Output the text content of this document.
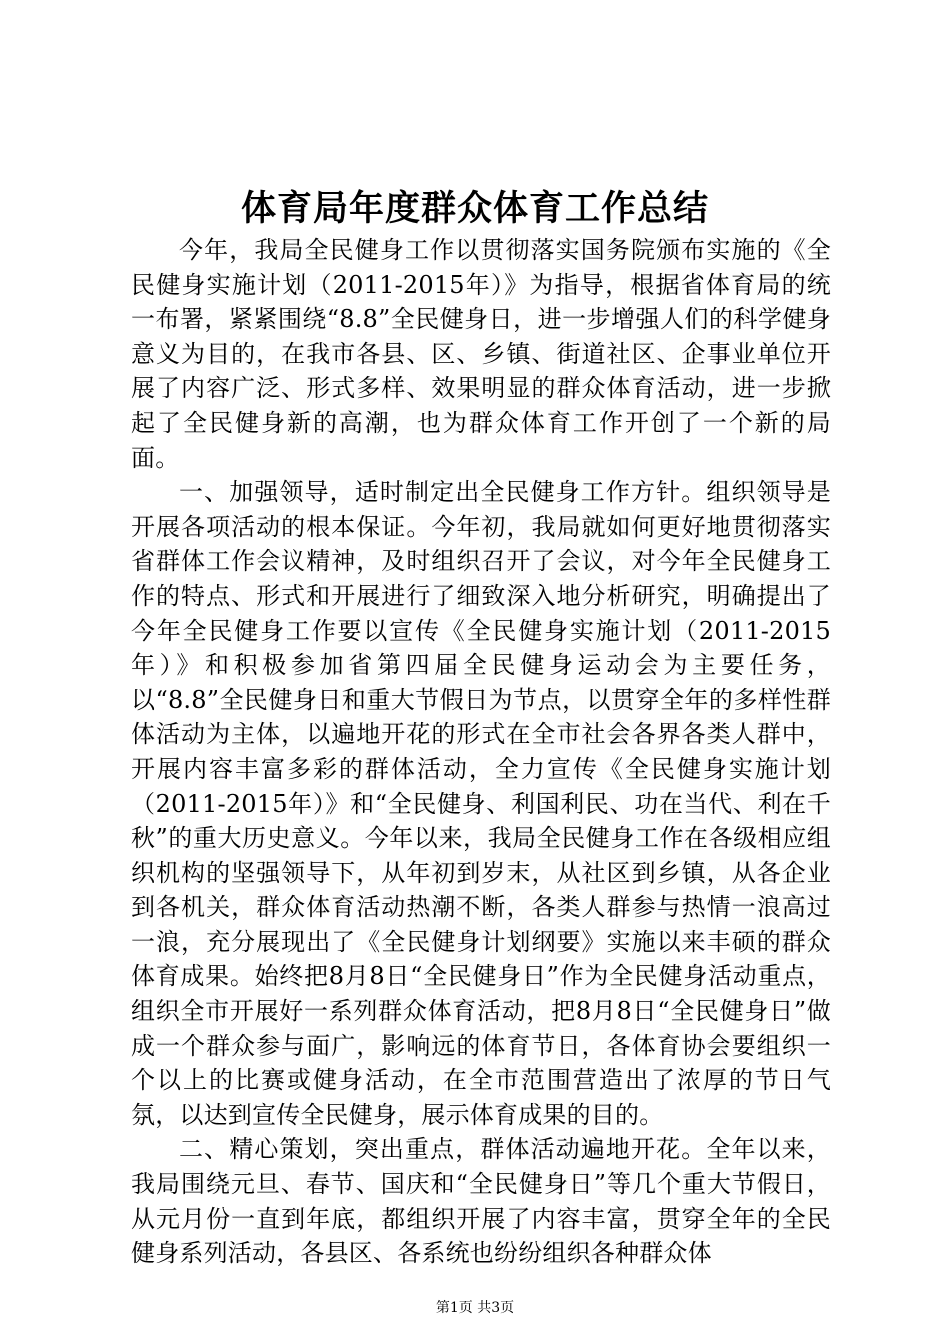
体育局年度群众体育工作总结

今年，我局全民健身工作以贯彻落实国务院颁布实施的《全民健身实施计划（2011-2015年）》为指导，根据省体育局的统一布署，紧紧围绕“8.8”全民健身日，进一步增强人们的科学健身意义为目的，在我市各县、区、乡镇、街道社区、企事业单位开展了内容广泛、形式多样、效果明显的群众体育活动，进一步掀起了全民健身新的高潮，也为群众体育工作开创了一个新的局面。

一、加强领导，适时制定出全民健身工作方针。组织领导是开展各项活动的根本保证。今年初，我局就如何更好地贯彻落实省群体工作会议精神，及时组织召开了会议，对今年全民健身工作的特点、形式和开展进行了细致深入地分析研究，明确提出了今年全民健身工作要以宣传《全民健身实施计划（2011-2015年）》和积极参加省第四届全民健身运动会为主要任务，以“8.8”全民健身日和重大节假日为节点，以贯穿全年的多样性群体活动为主体，以遍地开花的形式在全市社会各界各类人群中，开展内容丰富多彩的群体活动，全力宣传《全民健身实施计划（2011-2015年）》和“全民健身、利国利民、功在当代、利在千秋”的重大历史意义。今年以来，我局全民健身工作在各级相应组织机构的坚强领导下，从年初到岁末，从社区到乡镇，从各企业到各机关，群众体育活动热潮不断，各类人群参与热情一浪高过一浪，充分展现出了《全民健身计划纲要》实施以来丰硕的群众体育成果。始终把8月8日“全民健身日”作为全民健身活动重点，组织全市开展好一系列群众体育活动，把8月8日“全民健身日”做成一个群众参与面广，影响远的体育节日，各体育协会要组织一个以上的比赛或健身活动，在全市范围营造出了浓厚的节日气氛，以达到宣传全民健身，展示体育成果的目的。

二、精心策划，突出重点，群体活动遍地开花。全年以来，我局围绕元旦、春节、国庆和“全民健身日”等几个重大节假日，从元月份一直到年底，都组织开展了内容丰富，贯穿全年的全民健身系列活动，各县区、各系统也纷纷组织各种群众体

第1页 共3页
